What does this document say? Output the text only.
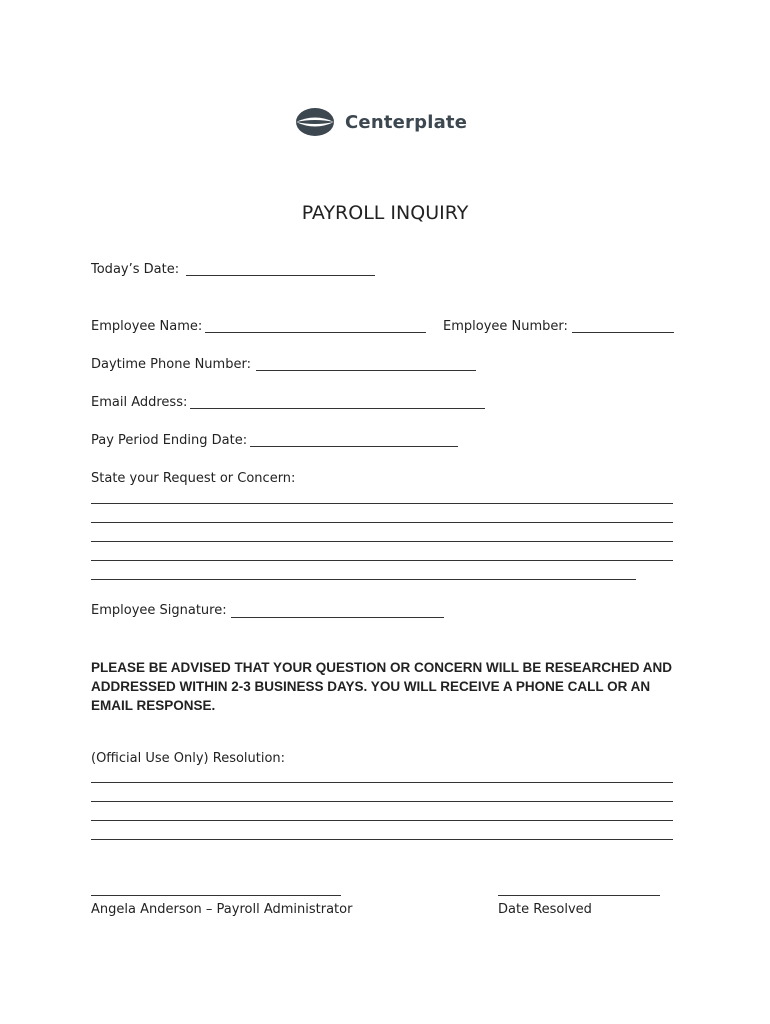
Centerplate
PAYROLL INQUIRY
Today’s Date:
Employee Name:	Employee Number:
Daytime Phone Number:
Email Address:
Pay Period Ending Date:
State your Request or Concern:
Employee Signature:
PLEASE BE ADVISED THAT YOUR QUESTION OR CONCERN WILL BE RESEARCHED AND ADDRESSED WITHIN 2-3 BUSINESS DAYS. YOU WILL RECEIVE A PHONE CALL OR AN EMAIL RESPONSE.
(Official Use Only) Resolution:
Angela Anderson – Payroll Administrator	Date Resolved
